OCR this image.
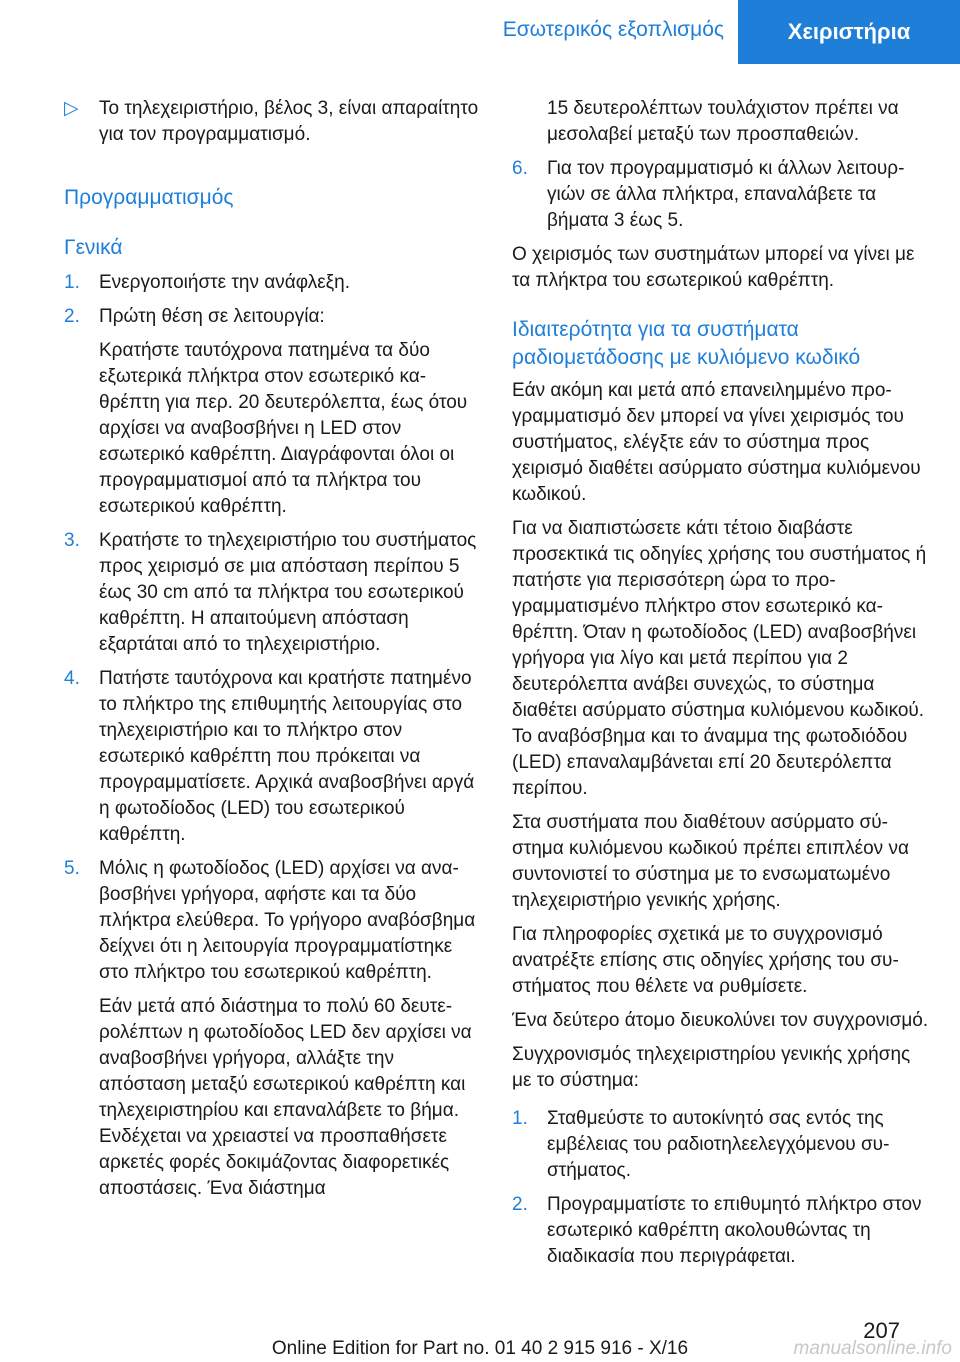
Εσωτερικός εξοπλισμός	Χειριστήρια
▷ Το τηλεχειριστήριο, βέλος 3, είναι απαραίτητο για τον προγραμματισμό.

Προγραμματισμός
Γενικά
1. Ενεργοποιήστε την ανάφλεξη.

2. Πρώτη θέση σε λειτουργία:

Κρατήστε ταυτόχρονα πατημένα τα δύο εξωτερικά πλήκτρα στον εσωτερικό καθρέπτη για περ. 20 δευτερόλεπτα, έως ότου αρχίσει να αναβοσβήνει η LED στον εσωτερικό καθρέπτη. Διαγράφονται όλοι οι προγραμματισμοί από τα πλήκτρα του εσωτερικού καθρέπτη.

3. Κρατήστε το τηλεχειριστήριο του συστήματος προς χειρισμό σε μια απόσταση περίπου 5 έως 30 cm από τα πλήκτρα του εσωτερικού καθρέπτη. Η απαιτούμενη απόσταση εξαρτάται από το τηλεχειριστήριο.

4. Πατήστε ταυτόχρονα και κρατήστε πατημένο το πλήκτρο της επιθυμητής λειτουργίας στο τηλεχειριστήριο και το πλήκτρο στον εσωτερικό καθρέπτη που πρόκειται να προγραμματίσετε. Αρχικά αναβοσβήνει αργά η φωτοδίοδος (LED) του εσωτερικού καθρέπτη.

5. Μόλις η φωτοδίοδος (LED) αρχίσει να αναβοσβήνει γρήγορα, αφήστε και τα δύο πλήκτρα ελεύθερα. Το γρήγορο αναβόσβημα δείχνει ότι η λειτουργία προγραμματίστηκε στο πλήκτρο του εσωτερικού καθρέπτη.

Εάν μετά από διάστημα το πολύ 60 δευτερολέπτων η φωτοδίοδος LED δεν αρχίσει να αναβοσβήνει γρήγορα, αλλάξτε την απόσταση μεταξύ εσωτερικού καθρέπτη και τηλεχειριστηρίου και επαναλάβετε το βήμα. Ενδέχεται να χρειαστεί να προσπαθήσετε αρκετές φορές δοκιμάζοντας διαφορετικές αποστάσεις. Ένα διάστημα

15 δευτερολέπτων τουλάχιστον πρέπει να μεσολαβεί μεταξύ των προσπαθειών.

6. Για τον προγραμματισμό κι άλλων λειτουργιών σε άλλα πλήκτρα, επαναλάβετε τα βήματα 3 έως 5.

Ο χειρισμός των συστημάτων μπορεί να γίνει με τα πλήκτρα του εσωτερικού καθρέπτη.

Ιδιαιτερότητα για τα συστήματα ραδιομετάδοσης με κυλιόμενο κωδικό

Εάν ακόμη και μετά από επανειλημμένο προγραμματισμό δεν μπορεί να γίνει χειρισμός του συστήματος, ελέγξτε εάν το σύστημα προς χειρισμό διαθέτει ασύρματο σύστημα κυλιόμενου κωδικού.

Για να διαπιστώσετε κάτι τέτοιο διαβάστε προσεκτικά τις οδηγίες χρήσης του συστήματος ή πατήστε για περισσότερη ώρα το προγραμματισμένο πλήκτρο στον εσωτερικό καθρέπτη. Όταν η φωτοδίοδος (LED) αναβοσβήνει γρήγορα για λίγο και μετά περίπου για 2 δευτερόλεπτα ανάβει συνεχώς, το σύστημα διαθέτει ασύρματο σύστημα κυλιόμενου κωδικού. Το αναβόσβημα και το άναμμα της φωτοδιόδου (LED) επαναλαμβάνεται επί 20 δευτερόλεπτα περίπου.

Στα συστήματα που διαθέτουν ασύρματο σύστημα κυλιόμενου κωδικού πρέπει επιπλέον να συντονιστεί το σύστημα με το ενσωματωμένο τηλεχειριστήριο γενικής χρήσης.

Για πληροφορίες σχετικά με το συγχρονισμό ανατρέξτε επίσης στις οδηγίες χρήσης του συστήματος που θέλετε να ρυθμίσετε.

Ένα δεύτερο άτομο διευκολύνει τον συγχρονισμό.

Συγχρονισμός τηλεχειριστηρίου γενικής χρήσης με το σύστημα:

1. Σταθμεύστε το αυτοκίνητό σας εντός της εμβέλειας του ραδιοτηλεελεγχόμενου συστήματος.

2. Προγραμματίστε το επιθυμητό πλήκτρο στον εσωτερικό καθρέπτη ακολουθώντας τη διαδικασία που περιγράφεται.

207
Online Edition for Part no. 01 40 2 915 916 - X/16	manualsonline.info
